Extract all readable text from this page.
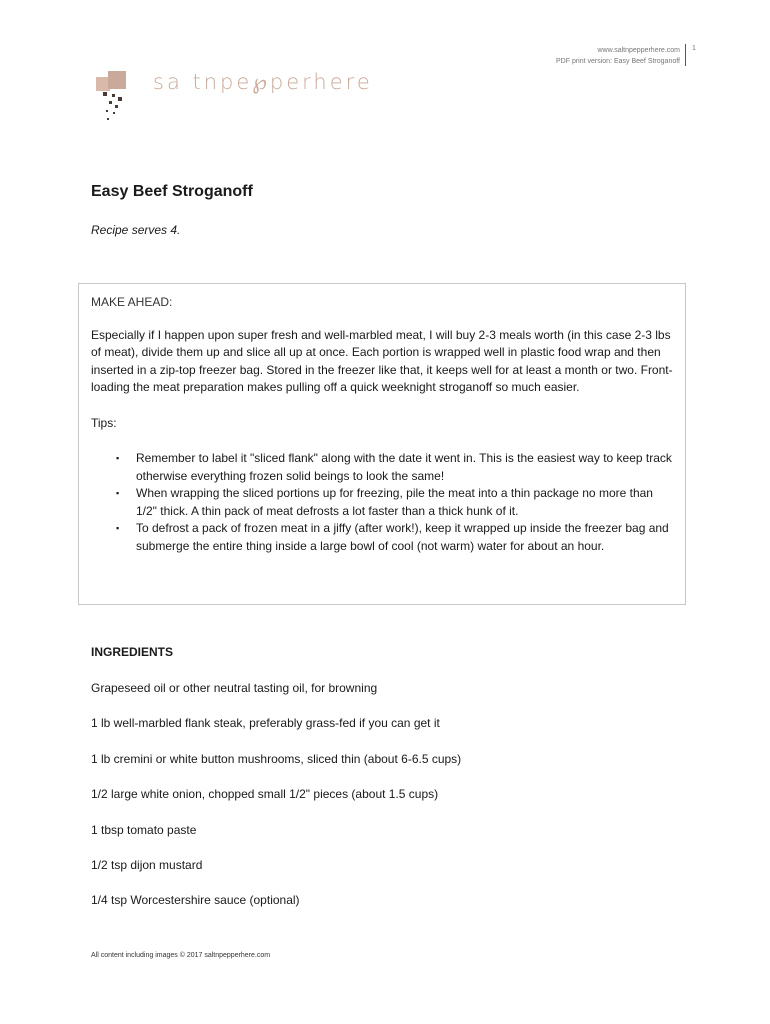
www.saltnpepperhere.com
PDF print version: Easy Beef Stroganoff
1
sa tnpe℘perhere
Easy Beef Stroganoff
Recipe serves 4.
MAKE AHEAD:

Especially if I happen upon super fresh and well-marbled meat, I will buy 2-3 meals worth (in this case 2-3 lbs of meat), divide them up and slice all up at once. Each portion is wrapped well in plastic food wrap and then inserted in a zip-top freezer bag. Stored in the freezer like that, it keeps well for at least a month or two. Front-loading the meat preparation makes pulling off a quick weeknight stroganoff so much easier.

Tips:
▪ Remember to label it "sliced flank" along with the date it went in. This is the easiest way to keep track otherwise everything frozen solid beings to look the same!
▪ When wrapping the sliced portions up for freezing, pile the meat into a thin package no more than 1/2" thick. A thin pack of meat defrosts a lot faster than a thick hunk of it.
▪ To defrost a pack of frozen meat in a jiffy (after work!), keep it wrapped up inside the freezer bag and submerge the entire thing inside a large bowl of cool (not warm) water for about an hour.
INGREDIENTS
Grapeseed oil or other neutral tasting oil, for browning
1 lb well-marbled flank steak, preferably grass-fed if you can get it
1 lb cremini or white button mushrooms, sliced thin (about 6-6.5 cups)
1/2 large white onion, chopped small 1/2" pieces (about 1.5 cups)
1 tbsp tomato paste
1/2 tsp dijon mustard
1/4 tsp Worcestershire sauce (optional)
All content including images © 2017 saltnpepperhere.com
